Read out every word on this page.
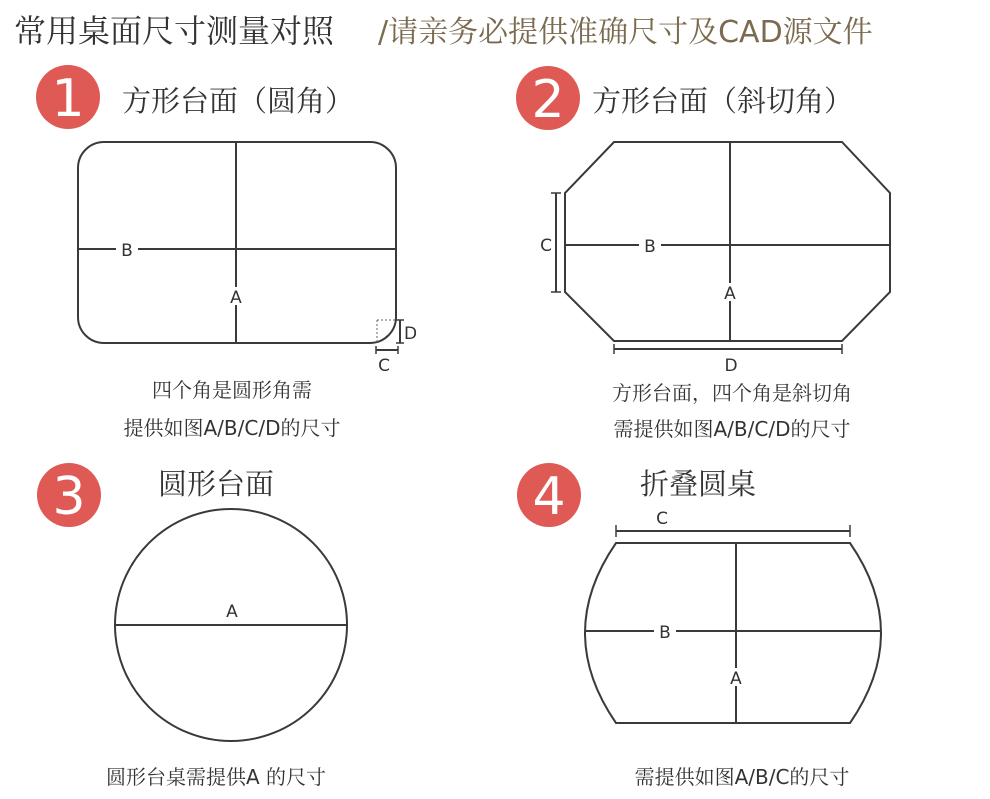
常用桌面尺寸测量对照 /请亲务必提供准确尺寸及CAD源文件
1 方形台面（圆角）
B
A
D
C
四个角是圆形角需
提供如图A/B/C/D的尺寸
2 方形台面（斜切角）
B
A
C
D
方形台面，四个角是斜切角
需提供如图A/B/C/D的尺寸
3 圆形台面
A
圆形台桌需提供A 的尺寸
4	折叠圆桌
C
B
A
需提供如图A/B/C的尺寸
